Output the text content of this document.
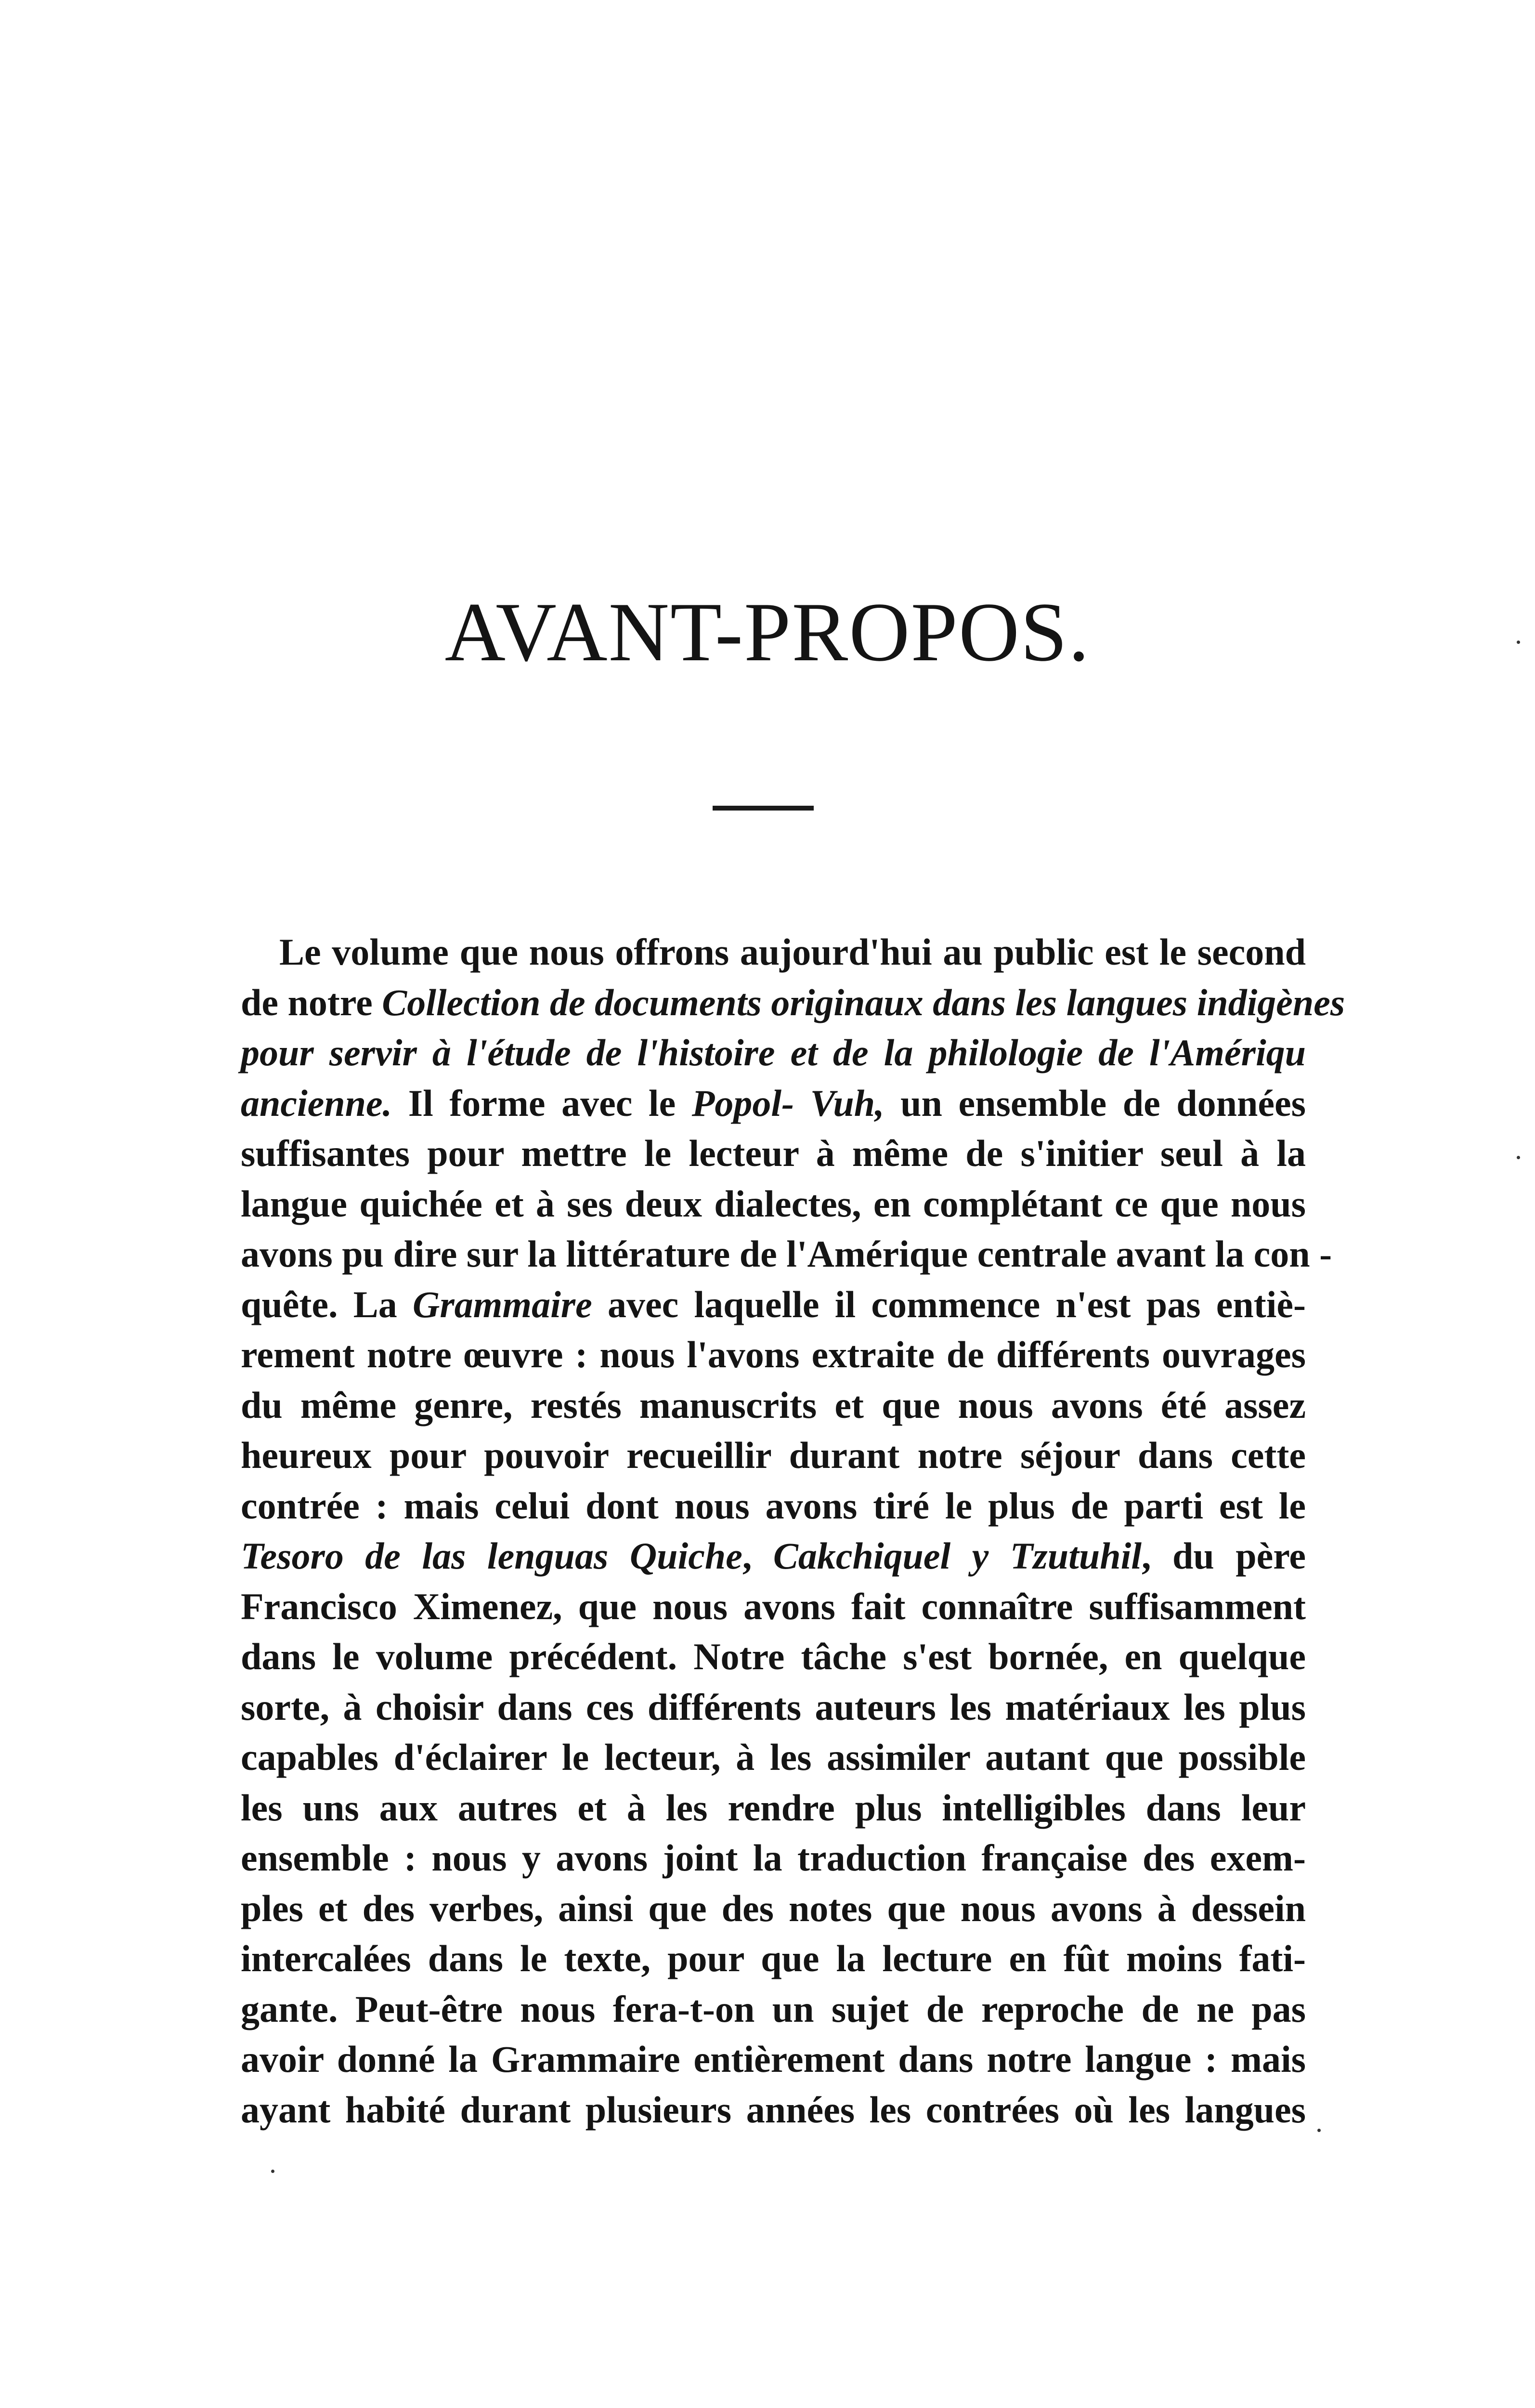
AVANT-PROPOS.
Le volume que nous offrons aujourd'hui au public est le second
de notre Collection de documents originaux dans les langues indigènes
pour servir à l'étude de l'histoire et de la philologie de l'Amériqu
ancienne. Il forme avec le Popol- Vuh, un ensemble de données
suffisantes pour mettre le lecteur à même de s'initier seul à la
langue quichée et à ses deux dialectes, en complétant ce que nous
avons pu dire sur la littérature de l'Amérique centrale avant la con -
quête. La Grammaire avec laquelle il commence n'est pas entiè-
rement notre œuvre : nous l'avons extraite de différents ouvrages
du même genre, restés manuscrits et que nous avons été assez
heureux pour pouvoir recueillir durant notre séjour dans cette
contrée : mais celui dont nous avons tiré le plus de parti est le
Tesoro de las lenguas Quiche, Cakchiquel y Tzutuhil, du père
Francisco Ximenez, que nous avons fait connaître suffisamment
dans le volume précédent. Notre tâche s'est bornée, en quelque
sorte, à choisir dans ces différents auteurs les matériaux les plus
capables d'éclairer le lecteur, à les assimiler autant que possible
les uns aux autres et à les rendre plus intelligibles dans leur
ensemble : nous y avons joint la traduction française des exem-
ples et des verbes, ainsi que des notes que nous avons à dessein
intercalées dans le texte, pour que la lecture en fût moins fati-
gante. Peut-être nous fera-t-on un sujet de reproche de ne pas
avoir donné la Grammaire entièrement dans notre langue : mais
ayant habité durant plusieurs années les contrées où les langues
